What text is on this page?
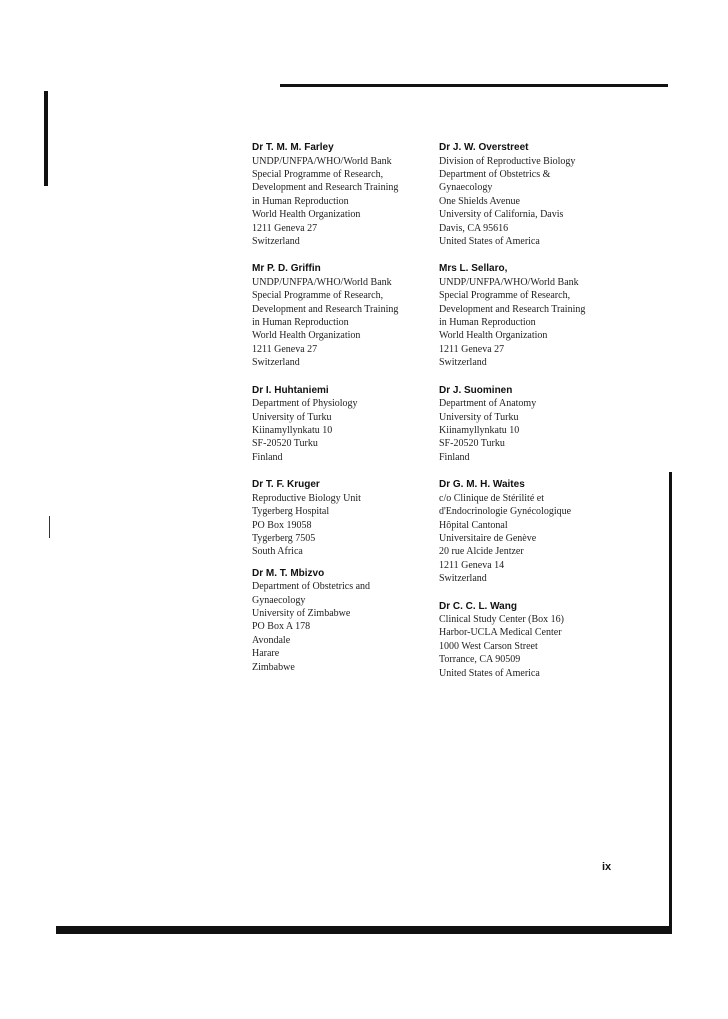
Dr T. M. M. Farley
UNDP/UNFPA/WHO/World Bank
Special Programme of Research,
Development and Research Training
in Human Reproduction
World Health Organization
1211 Geneva 27
Switzerland
Mr P. D. Griffin
UNDP/UNFPA/WHO/World Bank
Special Programme of Research,
Development and Research Training
in Human Reproduction
World Health Organization
1211 Geneva 27
Switzerland
Dr I. Huhtaniemi
Department of Physiology
University of Turku
Kiinamyllynkatu 10
SF-20520 Turku
Finland
Dr T. F. Kruger
Reproductive Biology Unit
Tygerberg Hospital
PO Box 19058
Tygerberg 7505
South Africa
Dr M. T. Mbizvo
Department of Obstetrics and
Gynaecology
University of Zimbabwe
PO Box A 178
Avondale
Harare
Zimbabwe
Dr J. W. Overstreet
Division of Reproductive Biology
Department of Obstetrics &
Gynaecology
One Shields Avenue
University of California, Davis
Davis, CA 95616
United States of America
Mrs L. Sellaro,
UNDP/UNFPA/WHO/World Bank
Special Programme of Research,
Development and Research Training
in Human Reproduction
World Health Organization
1211 Geneva 27
Switzerland
Dr J. Suominen
Department of Anatomy
University of Turku
Kiinamyllynkatu 10
SF-20520 Turku
Finland
Dr G. M. H. Waites
c/o Clinique de Stérilité et
d'Endocrinologie Gynécologique
Hôpital Cantonal
Universitaire de Genève
20 rue Alcide Jentzer
1211 Geneva 14
Switzerland
Dr C. C. L. Wang
Clinical Study Center (Box 16)
Harbor-UCLA Medical Center
1000 West Carson Street
Torrance, CA 90509
United States of America
ix
